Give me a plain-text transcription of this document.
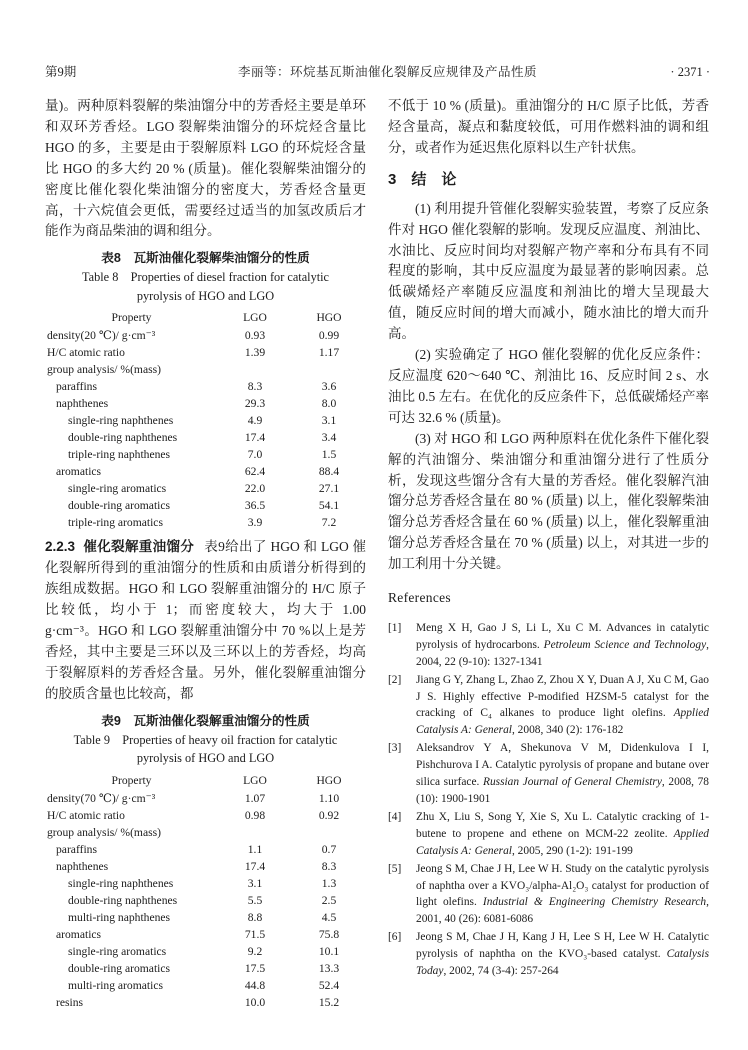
第9期	李丽等：环烷基瓦斯油催化裂解反应规律及产品性质	· 2371 ·

量)。两种原料裂解的柴油馏分中的芳香烃主要是单环和双环芳香烃。LGO 裂解柴油馏分的环烷烃含量比 HGO 的多，主要是由于裂解原料 LGO 的环烷烃含量比 HGO 的多大约 20 % (质量)。催化裂解柴油馏分的密度比催化裂化柴油馏分的密度大，芳香烃含量更高，十六烷值会更低，需要经过适当的加氢改质后才能作为商品柴油的调和组分。

表8　瓦斯油催化裂解柴油馏分的性质
Table 8　Properties of diesel fraction for catalytic
pyrolysis of HGO and LGO
Property	LGO	HGO
density(20 ℃)/ g·cm⁻³	0.93	0.99
H/C atomic ratio	1.39	1.17
group analysis/ %(mass)
paraffins	8.3	3.6
naphthenes	29.3	8.0
single-ring naphthenes	4.9	3.1
double-ring naphthenes	17.4	3.4
triple-ring naphthenes	7.0	1.5
aromatics	62.4	88.4
single-ring aromatics	22.0	27.1
double-ring aromatics	36.5	54.1
triple-ring aromatics	3.9	7.2

2.2.3 催化裂解重油馏分 表9给出了 HGO 和 LGO 催化裂解所得到的重油馏分的性质和由质谱分析得到的族组成数据。HGO 和 LGO 裂解重油馏分的 H/C 原子比较低，均小于 1；而密度较大，均大于 1.00 g·cm⁻³。HGO 和 LGO 裂解重油馏分中 70 %以上是芳香烃，其中主要是三环以及三环以上的芳香烃，均高于裂解原料的芳香烃含量。另外，催化裂解重油馏分的胶质含量也比较高，都

表9　瓦斯油催化裂解重油馏分的性质
Table 9　Properties of heavy oil fraction for catalytic
pyrolysis of HGO and LGO
Property	LGO	HGO
density(70 ℃)/ g·cm⁻³	1.07	1.10
H/C atomic ratio	0.98	0.92
group analysis/ %(mass)
paraffins	1.1	0.7
naphthenes	17.4	8.3
single-ring naphthenes	3.1	1.3
double-ring naphthenes	5.5	2.5
multi-ring naphthenes	8.8	4.5
aromatics	71.5	75.8
single-ring aromatics	9.2	10.1
double-ring aromatics	17.5	13.3
multi-ring aromatics	44.8	52.4
resins	10.0	15.2

不低于 10 % (质量)。重油馏分的 H/C 原子比低，芳香烃含量高，凝点和黏度较低，可用作燃料油的调和组分，或者作为延迟焦化原料以生产针状焦。

3　结　论

(1) 利用提升管催化裂解实验装置，考察了反应条件对 HGO 催化裂解的影响。发现反应温度、剂油比、水油比、反应时间均对裂解产物产率和分布具有不同程度的影响，其中反应温度为最显著的影响因素。总低碳烯烃产率随反应温度和剂油比的增大呈现最大值，随反应时间的增大而减小，随水油比的增大而升高。

(2) 实验确定了 HGO 催化裂解的优化反应条件：反应温度 620～640 ℃、剂油比 16、反应时间 2 s、水油比 0.5 左右。在优化的反应条件下，总低碳烯烃产率可达 32.6 % (质量)。

(3) 对 HGO 和 LGO 两种原料在优化条件下催化裂解的汽油馏分、柴油馏分和重油馏分进行了性质分析，发现这些馏分含有大量的芳香烃。催化裂解汽油馏分总芳香烃含量在 80 % (质量) 以上，催化裂解柴油馏分总芳香烃含量在 60 % (质量) 以上，催化裂解重油馏分总芳香烃含量在 70 % (质量) 以上，对其进一步的加工利用十分关键。

References
[1]	Meng X H, Gao J S, Li L, Xu C M. Advances in catalytic pyrolysis of hydrocarbons. Petroleum Science and Technology, 2004, 22 (9-10): 1327-1341
[2]	Jiang G Y, Zhang L, Zhao Z, Zhou X Y, Duan A J, Xu C M, Gao J S. Highly effective P-modified HZSM-5 catalyst for the cracking of C₄ alkanes to produce light olefins. Applied Catalysis A: General, 2008, 340 (2): 176-182
[3]	Aleksandrov Y A, Shekunova V M, Didenkulova I I, Pishchurova I A. Catalytic pyrolysis of propane and butane over silica surface. Russian Journal of General Chemistry, 2008, 78 (10): 1900-1901
[4]	Zhu X, Liu S, Song Y, Xie S, Xu L. Catalytic cracking of 1-butene to propene and ethene on MCM-22 zeolite. Applied Catalysis A: General, 2005, 290 (1-2): 191-199
[5]	Jeong S M, Chae J H, Lee W H. Study on the catalytic pyrolysis of naphtha over a KVO₃/alpha-Al₂O₃ catalyst for production of light olefins. Industrial & Engineering Chemistry Research, 2001, 40 (26): 6081-6086
[6]	Jeong S M, Chae J H, Kang J H, Lee S H, Lee W H. Catalytic pyrolysis of naphtha on the KVO₃-based catalyst. Catalysis Today, 2002, 74 (3-4): 257-264
